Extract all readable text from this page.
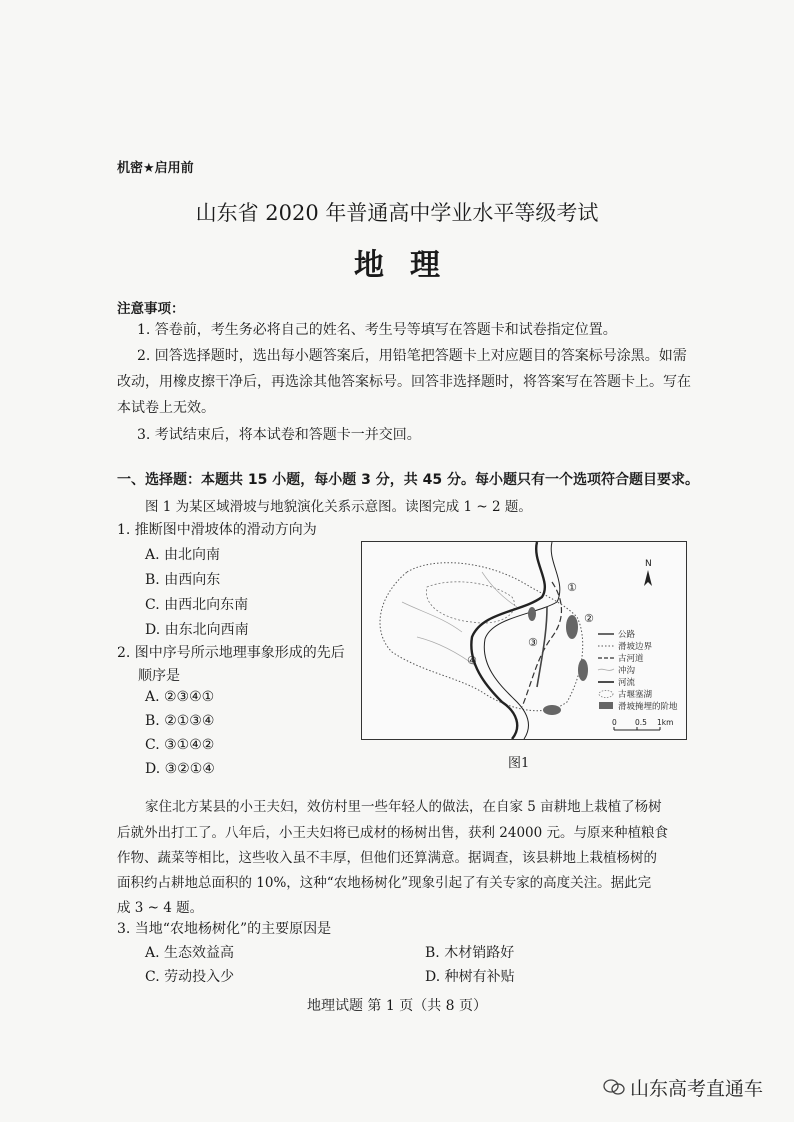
机密★启用前
山东省 2020 年普通高中学业水平等级考试
地理
注意事项：
1. 答卷前，考生务必将自己的姓名、考生号等填写在答题卡和试卷指定位置。
2. 回答选择题时，选出每小题答案后，用铅笔把答题卡上对应题目的答案标号涂黑。如需
改动，用橡皮擦干净后，再选涂其他答案标号。回答非选择题时，将答案写在答题卡上。写在
本试卷上无效。
3. 考试结束后，将本试卷和答题卡一并交回。
一、选择题：本题共 15 小题，每小题 3 分，共 45 分。每小题只有一个选项符合题目要求。
图 1 为某区域滑坡与地貌演化关系示意图。读图完成 1 ~ 2 题。
1. 推断图中滑坡体的滑动方向为
A. 由北向南
B. 由西向东
C. 由西北向东南
D. 由东北向西南
2. 图中序号所示地理事象形成的先后
顺序是
A. ②③④①
B. ②①③④
C. ③①④②
D. ③②①④
①
②
③
④
N
公路
滑坡边界
古河道
冲沟
河流
古堰塞湖
滑坡掩埋的阶地
0 0.5 1km
图1
家住北方某县的小王夫妇，效仿村里一些年轻人的做法，在自家 5 亩耕地上栽植了杨树
后就外出打工了。八年后，小王夫妇将已成材的杨树出售，获利 24000 元。与原来种植粮食
作物、蔬菜等相比，这些收入虽不丰厚，但他们还算满意。据调查，该县耕地上栽植杨树的
面积约占耕地总面积的 10%，这种“农地杨树化”现象引起了有关专家的高度关注。据此完
成 3 ~ 4 题。
3. 当地“农地杨树化”的主要原因是
A. 生态效益高	B. 木材销路好
C. 劳动投入少	D. 种树有补贴
地理试题 第 1 页（共 8 页）
山东高考直通车
